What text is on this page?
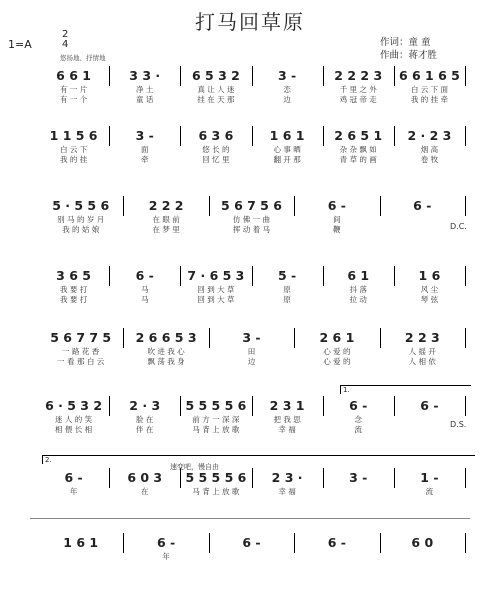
打马回草原
1=A
2
4
悠扬地、抒情地
作词：童 童
作曲：蒋才胜
6 6 1
有 一 片
有 一 个
3 3 ·
净 土
童 话
6 5 3 2
真 让 人 迷
挂 在 天 那
3 -
恋
边
2 2 2 3
千 里 之 外
鸡 冠 帝 走
6 6 1 6 5
白 云 下 面
我 的 挂 牵
1 1 5 6
白 云 下
我 的 挂
3 -
面
牵
6 3 6
悠 长 的
回 忆 里
1 6 1
心 事 晒
翻 开 那
2 6 5 1
杂 杂 飘 如
青 草 的 画
2 · 2 3
烟 高
卷 牧
5 · 5 5 6
别 马 的 岁 月
我 的 姑 娘
2 2 2
在 眼 前
在 梦 里
5 6 7 5 6
仿 佛 一 曲
挥 动 着 马
6 -
间
鞭
6 -
3 6 5
我 要 打
我 要 打
6 -
马
马
7 · 6 5 3
回 到 大 草
回 到 大 草
5 -
原
原
6 1
抖 落
拉 动
1 6
风 尘
琴 弦
5 6 7 7 5
一 路 花 香
一 看 那 白 云
2 6 6 5 3
吹 进 我 心
飘 荡 我 身
3 -
田
边
2 6 1
心 爱 的
心 爱 的
2 2 3
人 摇 开
人 相 依
6 · 5 3 2
迷 人 的 笑
相 偎 长 相
2 · 3
脸 在
伴 在
5 5 5 5 6
前 方 一 深 深
马 背 上 放 歌
2 3 1
把 我 思
幸 福
6 -
念
流
6 -
6 -
年
6 0 3
在
5 5 5 5 6
马 背 上 放 歌
2 3 ·
幸 福
3 -	1 -
流
1 6 1	6 -
年
6 -	6 -	6 0
D.C.
D.S.
1.
2.
速变吧，慢自由
